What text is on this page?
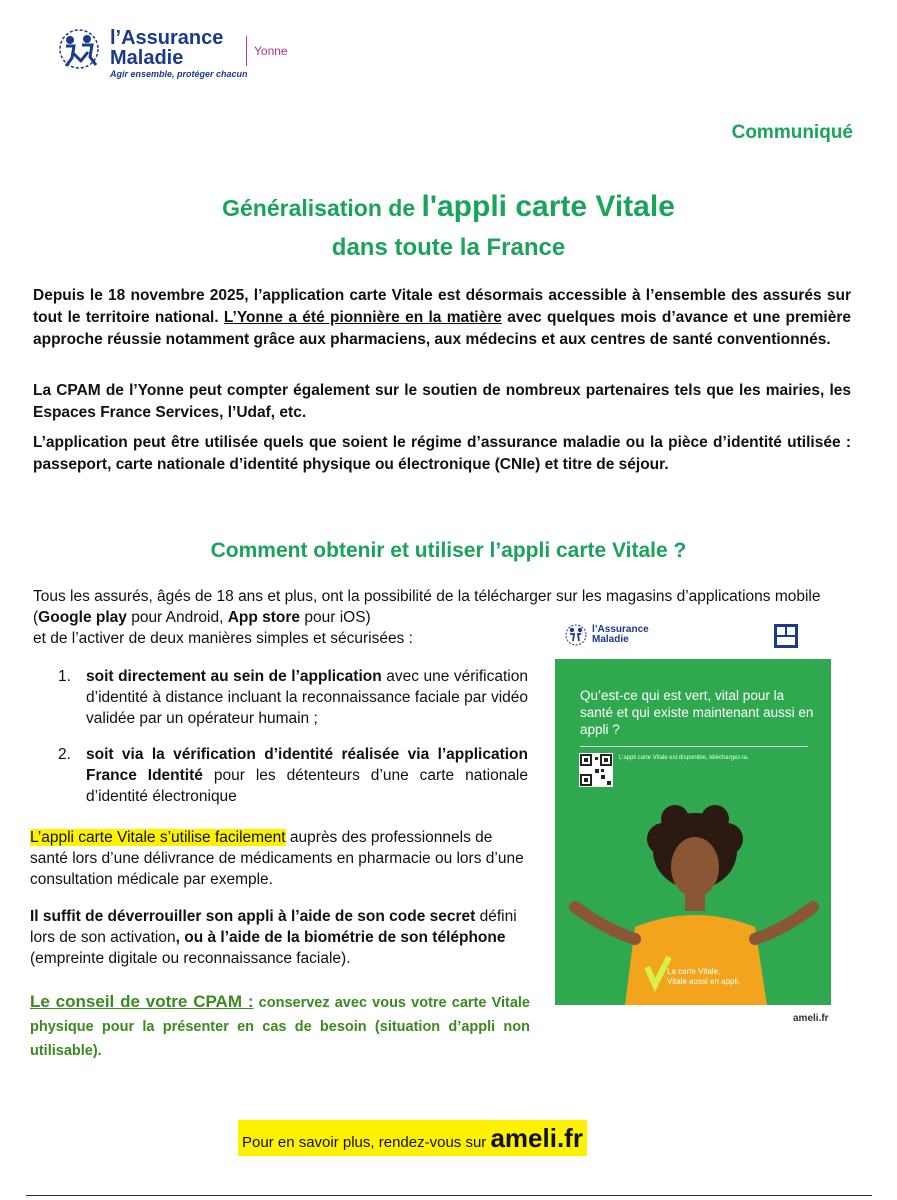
l’Assurance
Maladie
Agir ensemble, protéger chacun
Yonne
Communiqué
Généralisation de l'appli carte Vitale
dans toute la France
Depuis le 18 novembre 2025, l’application carte Vitale est désormais accessible à l’ensemble des assurés sur tout le territoire national. L’Yonne a été pionnière en la matière avec quelques mois d’avance et une première approche réussie notamment grâce aux pharmaciens, aux médecins et aux centres de santé conventionnés.
La CPAM de l’Yonne peut compter également sur le soutien de nombreux partenaires tels que les mairies, les Espaces France Services, l’Udaf, etc.
L’application peut être utilisée quels que soient le régime d’assurance maladie ou la pièce d’identité utilisée : passeport, carte nationale d’identité physique ou électronique (CNIe) et titre de séjour.
Comment obtenir et utiliser l’appli carte Vitale ?
Tous les assurés, âgés de 18 ans et plus, ont la possibilité de la télécharger sur les magasins d’applications mobile (Google play pour Android, App store pour iOS)
et de l’activer de deux manières simples et sécurisées :
1. soit directement au sein de l’application avec une vérification d’identité à distance incluant la reconnaissance faciale par vidéo validée par un opérateur humain ;
2. soit via la vérification d’identité réalisée via l’application France Identité pour les détenteurs d’une carte nationale d’identité électronique
L’appli carte Vitale s’utilise facilement auprès des professionnels de santé lors d’une délivrance de médicaments en pharmacie ou lors d’une consultation médicale par exemple.
Il suffit de déverrouiller son appli à l’aide de son code secret défini lors de son activation, ou à l’aide de la biométrie de son téléphone (empreinte digitale ou reconnaissance faciale).
Le conseil de votre CPAM : conservez avec vous votre carte Vitale physique pour la présenter en cas de besoin (situation d’appli non utilisable).
l’Assurance
Maladie
Qu’est-ce qui est vert, vital pour la santé et qui existe maintenant aussi en appli ?
L’appli carte Vitale est disponible, téléchargez-la.
La carte Vitale,
Vitale aussi en appli.
ameli.fr
Pour en savoir plus, rendez-vous sur ameli.fr
